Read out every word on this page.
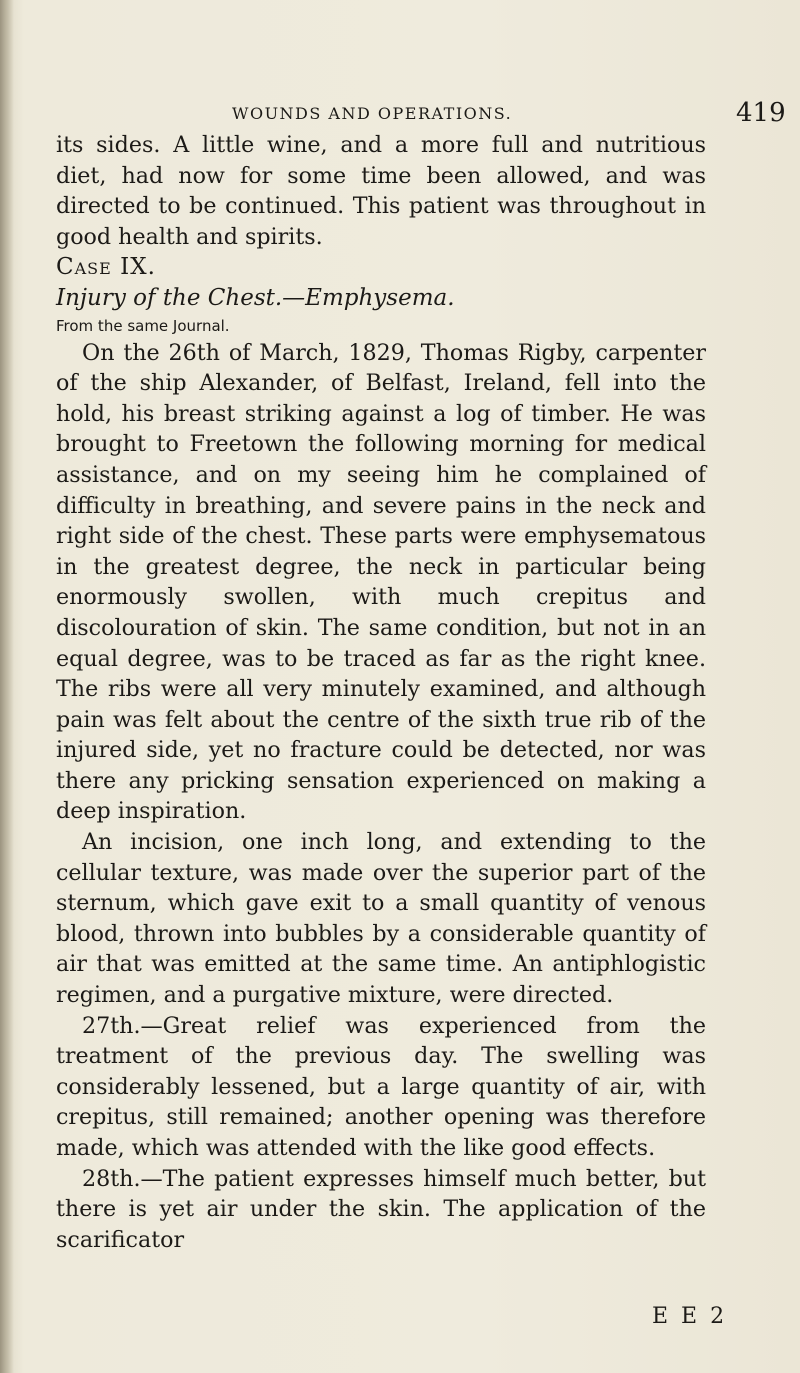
WOUNDS AND OPERATIONS.	419

its sides. A little wine, and a more full and nutritious diet, had now for some time been allowed, and was directed to be continued. This patient was throughout in good health and spirits.

Case IX.

Injury of the Chest.—Emphysema.

From the same Journal.

On the 26th of March, 1829, Thomas Rigby, carpenter of the ship Alexander, of Belfast, Ireland, fell into the hold, his breast striking against a log of timber. He was brought to Freetown the following morning for medical assistance, and on my seeing him he complained of difficulty in breathing, and severe pains in the neck and right side of the chest. These parts were emphysematous in the greatest degree, the neck in particular being enormously swollen, with much crepitus and discolouration of skin. The same condition, but not in an equal degree, was to be traced as far as the right knee. The ribs were all very minutely examined, and although pain was felt about the centre of the sixth true rib of the injured side, yet no fracture could be detected, nor was there any pricking sensation experienced on making a deep inspiration.

An incision, one inch long, and extending to the cellular texture, was made over the superior part of the sternum, which gave exit to a small quantity of venous blood, thrown into bubbles by a considerable quantity of air that was emitted at the same time. An antiphlogistic regimen, and a purgative mixture, were directed.

27th.—Great relief was experienced from the treatment of the previous day. The swelling was considerably lessened, but a large quantity of air, with crepitus, still remained; another opening was therefore made, which was attended with the like good effects.

28th.—The patient expresses himself much better, but there is yet air under the skin. The application of the scarificator

E E 2
